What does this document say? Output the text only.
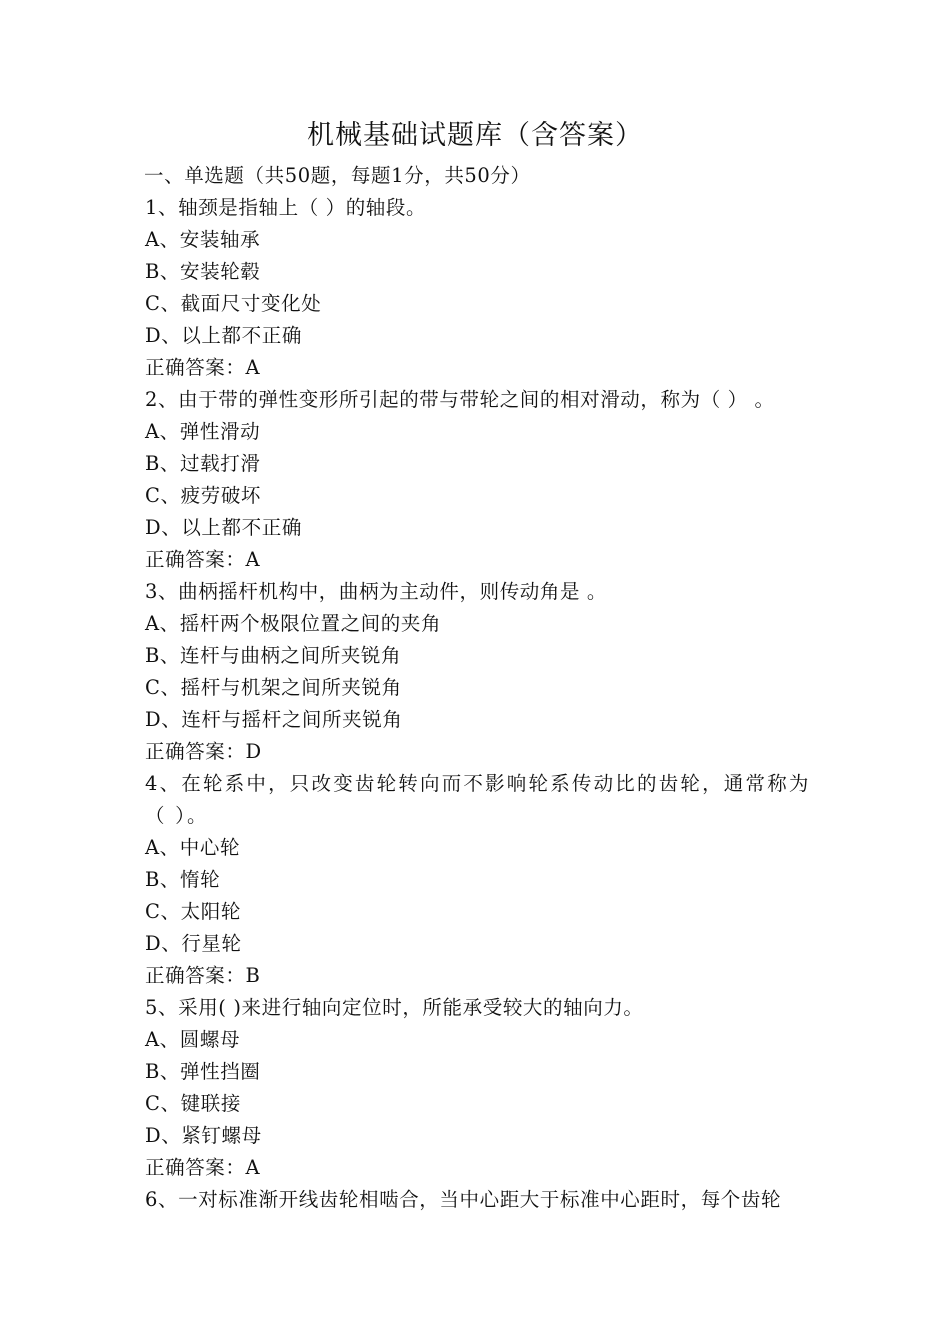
机械基础试题库（含答案）
一、单选题（共50题，每题1分，共50分）
1、轴颈是指轴上（ ）的轴段。
A、安装轴承
B、安装轮毂
C、截面尺寸变化处
D、以上都不正确
正确答案：A
2、由于带的弹性变形所引起的带与带轮之间的相对滑动，称为（ ） 。
A、弹性滑动
B、过载打滑
C、疲劳破坏
D、以上都不正确
正确答案：A
3、曲柄摇杆机构中，曲柄为主动件，则传动角是 。
A、摇杆两个极限位置之间的夹角
B、连杆与曲柄之间所夹锐角
C、摇杆与机架之间所夹锐角
D、连杆与摇杆之间所夹锐角
正确答案：D
4、在轮系中，只改变齿轮转向而不影响轮系传动比的齿轮，通常称为（ ）。
A、中心轮
B、惰轮
C、太阳轮
D、行星轮
正确答案：B
5、采用( )来进行轴向定位时，所能承受较大的轴向力。
A、圆螺母
B、弹性挡圈
C、键联接
D、紧钉螺母
正确答案：A
6、一对标准渐开线齿轮相啮合，当中心距大于标准中心距时，每个齿轮
